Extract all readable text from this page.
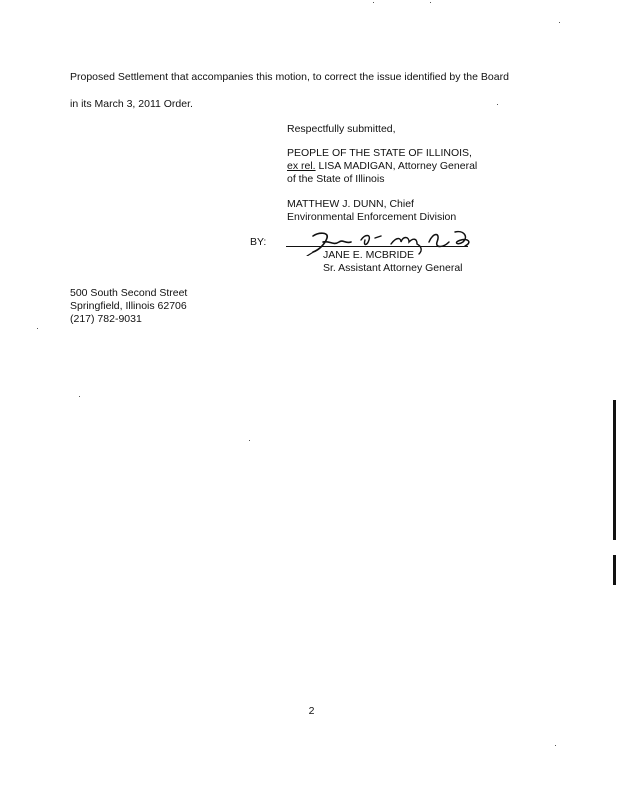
Proposed Settlement that accompanies this motion, to correct the issue identified by the Board
in its March 3, 2011 Order.
Respectfully submitted,
PEOPLE OF THE STATE OF ILLINOIS,
ex rel. LISA MADIGAN, Attorney General
of the State of Illinois
MATTHEW J. DUNN, Chief
Environmental Enforcement Division
BY:
JANE E. MCBRIDE
Sr. Assistant Attorney General
500 South Second Street
Springfield, Illinois 62706
(217) 782-9031
2
